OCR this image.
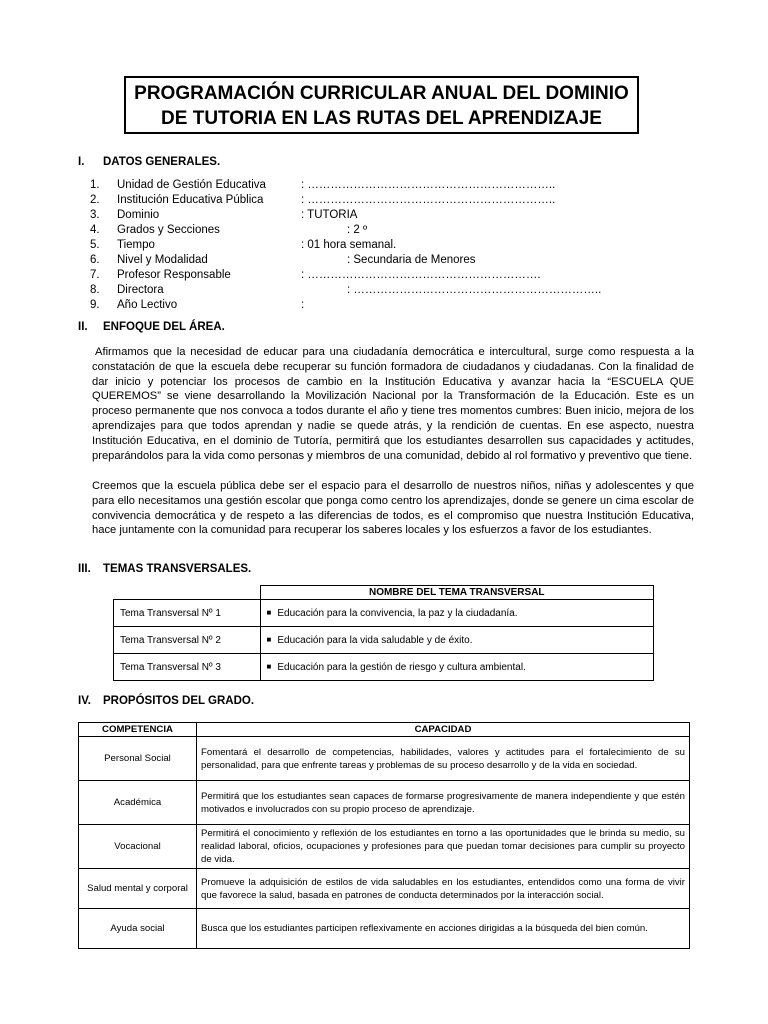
PROGRAMACIÓN CURRICULAR ANUAL DEL DOMINIO
DE TUTORIA EN LAS RUTAS DEL APRENDIZAJE
I. DATOS GENERALES.
1. Unidad de Gestión Educativa	: ………………………………………………………..
2. Institución Educativa Pública	: ………………………………………………………..
3. Dominio	: TUTORIA
4. Grados y Secciones	: 2 º
5. Tiempo	: 01 hora semanal.
6. Nivel y Modalidad	: Secundaria de Menores
7. Profesor Responsable	: …………………………………………………….
8. Directora	: ………………………………………………………..
9. Año Lectivo	:
II. ENFOQUE DEL ÁREA.
Afirmamos que la necesidad de educar para una ciudadanía democrática e intercultural, surge como respuesta a la constatación de que la escuela debe recuperar su función formadora de ciudadanos y ciudadanas. Con la finalidad de dar inicio y potenciar los procesos de cambio en la Institución Educativa y avanzar hacia la “ESCUELA QUE QUEREMOS” se viene desarrollando la Movilización Nacional por la Transformación de la Educación. Este es un proceso permanente que nos convoca a todos durante el año y tiene tres momentos cumbres: Buen inicio, mejora de los aprendizajes para que todos aprendan y nadie se quede atrás, y la rendición de cuentas. En ese aspecto, nuestra Institución Educativa, en el dominio de Tutoría, permitirá que los estudiantes desarrollen sus capacidades y actitudes, preparándolos para la vida como personas y miembros de una comunidad, debido al rol formativo y preventivo que tiene.
Creemos que la escuela pública debe ser el espacio para el desarrollo de nuestros niños, niñas y adolescentes y que para ello necesitamos una gestión escolar que ponga como centro los aprendizajes, donde se genere un cima escolar de convivencia democrática y de respeto a las diferencias de todos, es el compromiso que nuestra Institución Educativa, hace juntamente con la comunidad para recuperar los saberes locales y los esfuerzos a favor de los estudiantes.
III. TEMAS TRANSVERSALES.
	NOMBRE DEL TEMA TRANSVERSAL
Tema Transversal Nº 1	■ Educación para la convivencia, la paz y la ciudadanía.
Tema Transversal Nº 2	■ Educación para la vida saludable y de éxito.
Tema Transversal Nº 3	■ Educación para la gestión de riesgo y cultura ambiental.
IV. PROPÓSITOS DEL GRADO.
COMPETENCIA	CAPACIDAD
Personal Social	Fomentará el desarrollo de competencias, habilidades, valores y actitudes para el fortalecimiento de su personalidad, para que enfrente tareas y problemas de su proceso desarrollo y de la vida en sociedad.
Académica	Permitirá que los estudiantes sean capaces de formarse progresivamente de manera independiente y que estén motivados e involucrados con su propio proceso de aprendizaje.
Vocacional	Permitirá el conocimiento y reflexión de los estudiantes en torno a las oportunidades que le brinda su medio, su realidad laboral, oficios, ocupaciones y profesiones para que puedan tomar decisiones para cumplir su proyecto de vida.
Salud mental y corporal	Promueve la adquisición de estilos de vida saludables en los estudiantes, entendidos como una forma de vivir que favorece la salud, basada en patrones de conducta determinados por la interacción social.
Ayuda social	Busca que los estudiantes participen reflexivamente en acciones dirigidas a la búsqueda del bien común.
